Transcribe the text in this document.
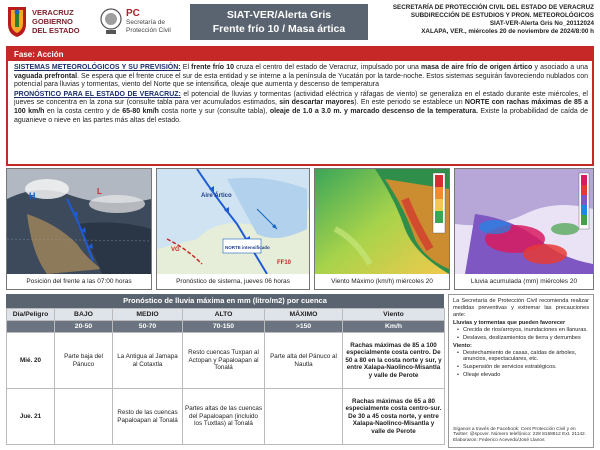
VERACRUZ
GOBIERNO
DEL ESTADO
PC
Secretaría de
Protección Civil
SIAT-VER/Alerta Gris
Frente frío 10 / Masa ártica
SECRETARÍA DE PROTECCIÓN CIVIL DEL ESTADO DE VERACRUZ
SUBDIRECCIÓN DE ESTUDIOS Y PRON. METEOROLÓGICOS
SIAT-VER-Alerta Gris No_20112024
XALAPA, VER., miércoles 20 de noviembre de 2024/8:00 h
Fase: Acción

SISTEMAS METEOROLÓGICOS Y SU PREVISIÓN: El frente frío 10 cruza el centro del estado de Veracruz, impulsado por una masa de aire frío de origen ártico y asociado a una vaguada prefrontal. Se espera que el frente cruce el sur de esta entidad y se interne a la península de Yucatán por la tarde-noche. Estos sistemas seguirán favoreciendo nublados con potencial para lluvias y tormentas, viento del Norte que se intensifica, oleaje que aumenta y descenso de temperatura

PRONÓSTICO PARA EL ESTADO DE VERACRUZ: el potencial de lluvias y tormentas (actividad eléctrica y ráfagas de viento) se generaliza en el estado durante este miércoles, el jueves se concentra en la zona sur (consulte tabla para ver acumulados estimados, sin descartar mayores). En este periodo se establece un NORTE con rachas máximas de 85 a 100 km/h en la costa centro y de 65-80 km/h costa norte y sur (consulte tabla), oleaje de 1.0 a 3.0 m. y marcado descenso de la temperatura. Existe la probabilidad de caída de aguanieve o nieve en las partes más altas del estado.

H	L
Posición del frente a las 07:00 horas
Aire Ártico
NORTE intensificado
VG
FF10
Pronóstico de sisterna, jueves 06 horas	Viento Máximo (km/h) miércoles 20	Lluvia acumulada (mm) miércoles 20
Pronóstico de lluvia máxima en mm (litro/m2) por cuenca
Día/Peligro	BAJO	MEDIO	ALTO	MÁXIMO	Viento
	20-50	50-70	70-150	>150	Km/h
Mié. 20	Parte baja del Pánuco	La Antigua al Jamapa al Cotaxtla	Resto cuencas Tuxpan al Actopan y Papaloapan al Tonalá	Parte alta del Pánuco al Nautla	Rachas máximas de 85 a 100 especialmente costa centro. De 50 a 80 en la costa norte y sur, y entre Xalapa-Naolinco-Misantla y valle de Perote
Jue. 21		Resto de las cuencas Papaloapan al Tonalá	Partes altas de las cuencas del Papaloapan (incluido los Tuxtlas) al Tonalá		Rachas máximas de 65 a 80 especialmente costa centro-sur. De 30 a 45 costa norte, y entre Xalapa-Naolinco-Misantla y valle de Perote
La Secretaría de Protección Civil recomienda realizar medidas preventivas y extremar las precauciones ante:
Lluvias y tormentas que pueden favorecer
• Crecida de ríos/arroyos, inundaciones en llanuras.
• Deslaves, deslizamientos de tierra y derrumbes
Viento:
• Destechamiento de casas, caídas de árboles, anuncios, espectaculares, etc.
• Suspensión de servicios estratégicos.
• Oleaje elevado
Síganos a través de Facebook: Cent Protección Civil y en Twitter: @spcver. Número telefónico: 228 8168812 Ext. 21142. Elaboraron: Federico Acevedo/José Llanos
